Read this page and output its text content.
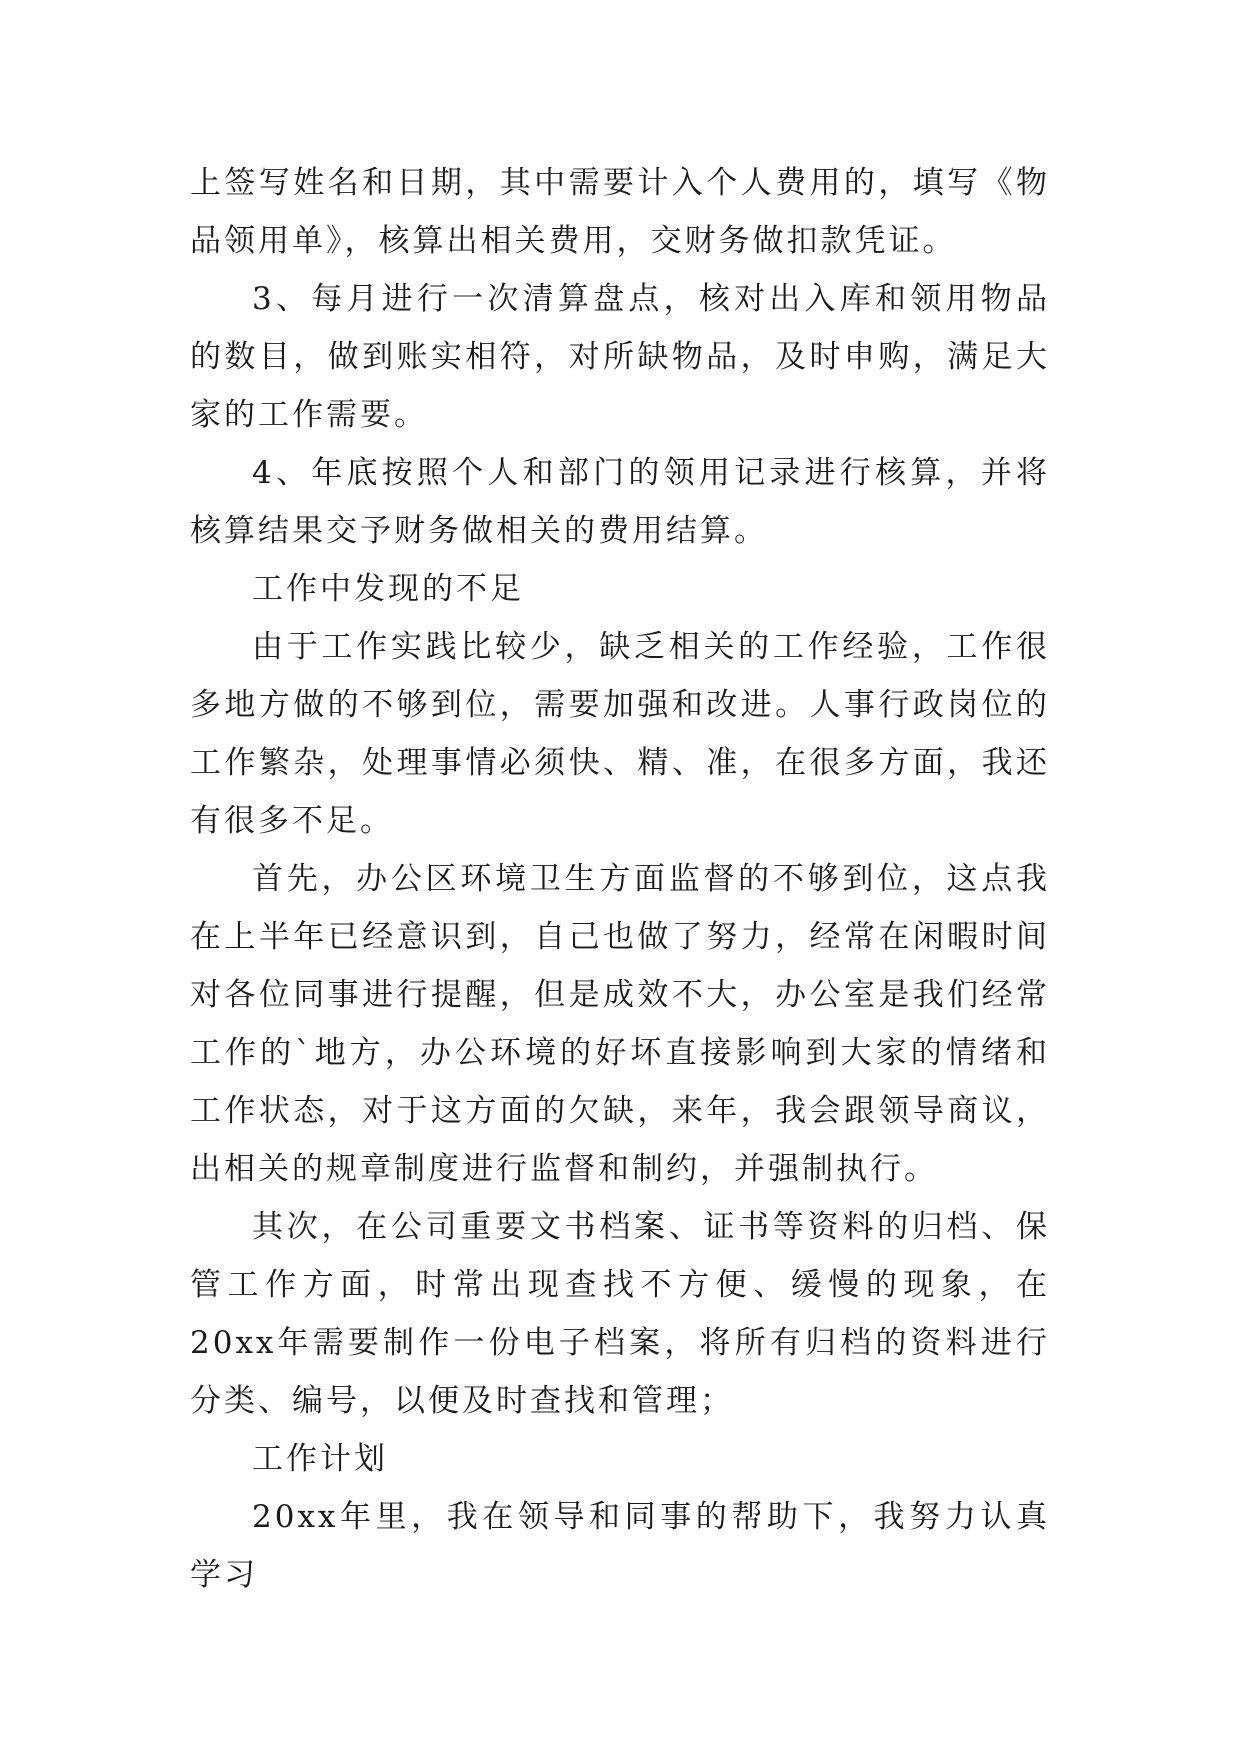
上签写姓名和日期，其中需要计入个人费用的，填写《物品领用单》，核算出相关费用，交财务做扣款凭证。

3、每月进行一次清算盘点，核对出入库和领用物品的数目，做到账实相符，对所缺物品，及时申购，满足大家的工作需要。

4、年底按照个人和部门的领用记录进行核算，并将核算结果交予财务做相关的费用结算。

工作中发现的不足

由于工作实践比较少，缺乏相关的工作经验，工作很多地方做的不够到位，需要加强和改进。人事行政岗位的工作繁杂，处理事情必须快、精、准，在很多方面，我还有很多不足。

首先，办公区环境卫生方面监督的不够到位，这点我在上半年已经意识到，自己也做了努力，经常在闲暇时间对各位同事进行提醒，但是成效不大，办公室是我们经常工作的`地方，办公环境的好坏直接影响到大家的情绪和工作状态，对于这方面的欠缺，来年，我会跟领导商议，出相关的规章制度进行监督和制约，并强制执行。

其次，在公司重要文书档案、证书等资料的归档、保管工作方面，时常出现查找不方便、缓慢的现象，在20xx年需要制作一份电子档案，将所有归档的资料进行分类、编号，以便及时查找和管理；

工作计划

20xx年里，我在领导和同事的帮助下，我努力认真学习
